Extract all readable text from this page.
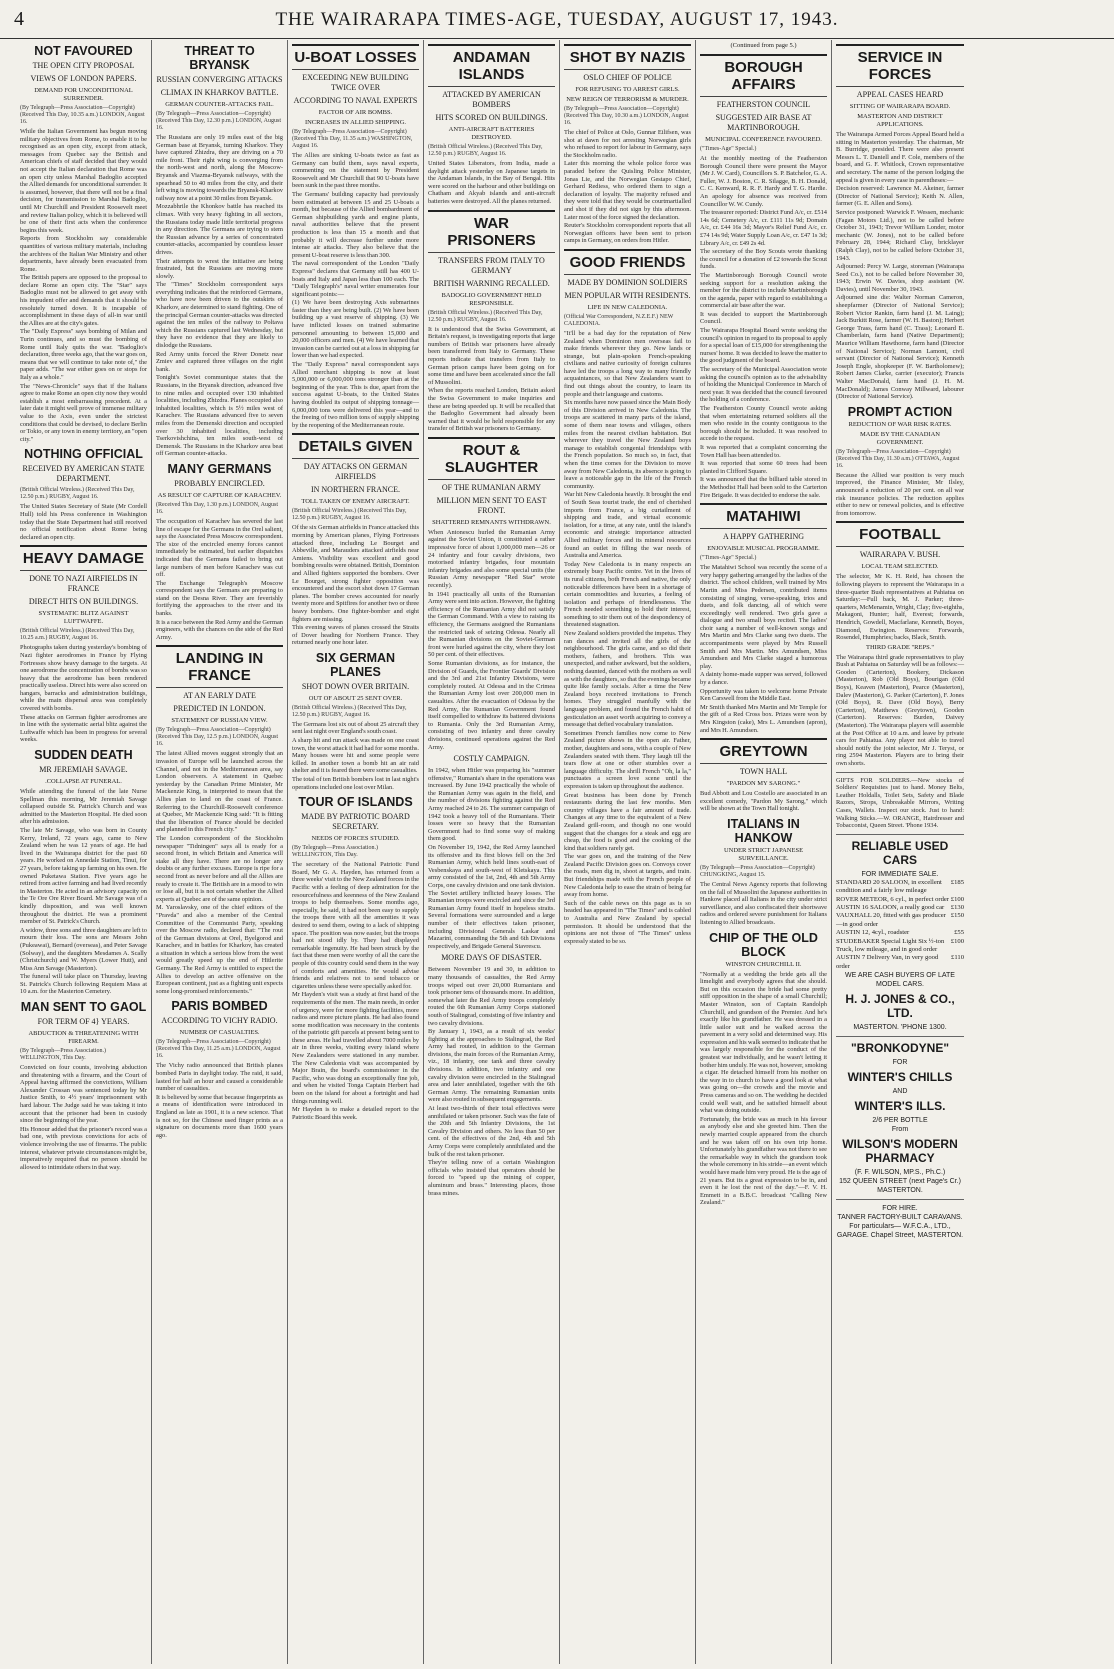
4	THE WAIRARAPA TIMES-AGE, TUESDAY, AUGUST 17, 1943.
NOT FAVOURED
THE OPEN CITY PROPOSAL
VIEWS OF LONDON PAPERS.
DEMAND FOR UNCONDITIONAL SURRENDER.
(By Telegraph—Press Association—Copyright) (Received This Day, 10.35 a.m.) LONDON, August 16.
While the Italian Government has begun moving military objectives from Rome, to enable it to be recognised as an open city, except from attack, messages from Quebec say the British and American chiefs of staff decided that they would not accept the Italian declaration that Rome was an open city unless Marshal Badoglio accepted the Allied demands for unconditional surrender. It is assumed, however, that there will not be a final decision, for transmission to Marshal Badoglio, until Mr Churchill and President Roosevelt meet and review Italian policy, which it is believed will be one of their first acts when the conference begins this week.
Reports from Stockholm say considerable quantities of various military materials, including the archives of the Italian War Ministry and other departments, have already been evacuated from Rome.
The British papers are opposed to the proposal to declare Rome an open city. The "Star" says Badoglio must not be allowed to get away with his impudent offer and demands that it should be resolutely turned down. It is incapable of accomplishment in these days of all-in war until the Allies are at the city's gates.
The "Daily Express" says bombing of Milan and Turin continues, and so must the bombing of Rome until Italy quits the war. "Badoglio's declaration, three weeks ago, that the war goes on, means that we will continue to take note of," the paper adds. "The war either goes on or stops for Italy as a whole."
The "News-Chronicle" says that if the Italians agree to make Rome an open city now they would establish a most embarrassing precedent. At a later date it might well prove of immense military value to the Axis, even under the strictest conditions that could be devised, to declare Berlin or Tokio, or any town in enemy territory, an "open city."
NOTHING OFFICIAL
RECEIVED BY AMERICAN STATE DEPARTMENT.
(British Official Wireless.) (Received This Day, 12.50 p.m.) RUGBY, August 16.
The United States Secretary of State (Mr Cordell Hull) told his Press conference in Washington today that the State Department had still received no official notification about Rome being declared an open city.
HEAVY DAMAGE
DONE TO NAZI AIRFIELDS IN FRANCE
DIRECT HITS ON BUILDINGS.
SYSTEMATIC BLITZ AGAINST LUFTWAFFE.
(British Official Wireless.) (Received This Day, 10.25 a.m.) RUGBY, August 16.
Photographs taken during yesterday's bombing of Nazi fighter aerodromes in France by Flying Fortresses show heavy damage to the targets. At one aerodrome the concentration of bombs was so heavy that the aerodrome has been rendered practically useless. Direct hits were also scored on hangars, barracks and administration buildings, while the main dispersal area was completely covered with bombs.
These attacks on German fighter aerodromes are in line with the systematic aerial blitz against the Luftwaffe which has been in progress for several weeks.
SUDDEN DEATH
MR JEREMIAH SAVAGE.
.COLLAPSE AT FUNERAL.
While attending the funeral of the late Nurse Spellman this morning, Mr Jeremiah Savage collapsed outside St. Patrick's Church and was admitted to the Masterton Hospital. He died soon after his admission.
The late Mr Savage, who was born in County Kerry, Ireland, 72 years ago, came to New Zealand when he was 12 years of age. He had lived in the Wairarapa district for the past 60 years. He worked on Annedale Station, Tinui, for 27 years, before taking up farming on his own. He owned Puketawa Station. Five years ago he retired from active farming and had lived recently in Masterton. He acted in an advisory capacity on the Te Ore Ore River Board. Mr Savage was of a kindly disposition, and was well known throughout the district. He was a prominent member of St. Patrick's Church.
A widow, three sons and three daughters are left to mourn their loss. The sons are Messrs John (Pukeawai), Bernard (overseas), and Peter Savage (Solway), and the daughters Mesdames A. Scally (Christchurch) and W. Myers (Lower Hutt), and Miss Ann Savage (Masterton).
The funeral will take place on Thursday, leaving St. Patrick's Church following Requiem Mass at 10 a.m. for the Masterton Cemetery.
MAN SENT TO GAOL
FOR TERM OF 4} YEARS.
ABDUCTION & THREATENING WITH FIREARM.
(By Telegraph—Press Association.) WELLINGTON, This Day.
Convicted on four counts, involving abduction and threatening with a firearm, and the Court of Appeal having affirmed the convictions, William Alexander Crossan was sentenced today by Mr Justice Smith, to 4½ years' imprisonment with hard labour. The Judge said he was taking it into account that the prisoner had been in custody since the beginning of the year.
His Honour added that the prisoner's record was a bad one, with previous convictions for acts of violence involving the use of firearms. The public interest, whatever private circumstances might be, imperatively required that no person should be allowed to intimidate others in that way.
THREAT TO BRYANSK
RUSSIAN CONVERGING ATTACKS
CLIMAX IN KHARKOV BATTLE.
GERMAN COUNTER-ATTACKS FAIL.
(By Telegraph—Press Association—Copyright) (Received This Day, 12.30 p.m.) LONDON, August 16.
The Russians are only 19 miles east of the big German base at Bryansk, turning Kharkov. They have captured Zhizdra, they are driving on a 70 mile front. Their right wing is converging from the north-west and north, along the Moscow-Bryansk and Viazma-Bryansk railways, with the spearhead 50 to 40 miles from the city, and their left wing is moving towards the Bryansk-Kharkov railway now at a point 30 miles from Bryansk.
Mozzabhrile the Khonkov battle has reached its climax. With very heavy fighting in all sectors, the Russians today made little territorial progress in any direction. The Germans are trying to stem the Russian advance by a series of concentrated counter-attacks, accompanied by countless lesser drives.
Their attempts to wrest the initiative are being frustrated, but the Russians are moving more slowly.
The "Times" Stockholm correspondent says everything indicates that the reinforced Germans, who have now been driven to the outskirts of Kharkov, are determined to stand fighting. One of the principal German counter-attacks was directed against the ten miles of the railway to Poltava which the Russians captured last Wednesday, but they have no evidence that they are likely to dislodge the Russians.
Red Army units forced the River Donetz near Zmiev and captured three villages on the right bank.
Tonight's Soviet communique states that the Russians, in the Bryansk direction, advanced five to nine miles and occupied over 130 inhabited localities, including Zhizdra. Planes occupied also inhabited localities, which is 5½ miles west of Karachev. The Russians advanced five to seven miles from the Demenski direction and occupied over 30 inhabited localities, including Tserkovishchina, ten miles south-west of Demensk. The Russians in the Kharkov area beat off German counter-attacks.
MANY GERMANS
PROBABLY ENCIRCLED.
AS RESULT OF CAPTURE OF KARACHEV.
(Received This Day, 1.30 p.m.) LONDON, August 16.
The occupation of Karachev has severed the last line of escape for the Germans in the Orel salient, says the Associated Press Moscow correspondent. The size of the encircled enemy forces cannot immediately be estimated, but earlier dispatches indicated that the Germans failed to bring out large numbers of men before Karachev was cut off.
The Exchange Telegraph's Moscow correspondent says the Germans are preparing to stand on the Desna River. They are feverishly fortifying the approaches to the river and its banks.
It is a race between the Red Army and the German engineers, with the chances on the side of the Red Army.
LANDING IN FRANCE
AT AN EARLY DATE
PREDICTED IN LONDON.
STATEMENT OF RUSSIAN VIEW.
(By Telegraph—Press Association—Copyright) (Received This Day, 12.5 p.m.) LONDON, August 16.
The latest Allied moves suggest strongly that an invasion of Europe will be launched across the Channel, and not in the Mediterranean area, say London observers. A statement in Quebec yesterday by the Canadian Prime Minister, Mr Mackenzie King, is interpreted to mean that the Allies plan to land on the coast of France. Referring to the Churchill-Roosevelt conference at Quebec, Mr Mackenzie King said: "It is fitting that the liberation of France should be decided and planned in this French city."
The London correspondent of the Stockholm newspaper "Tidningen" says all is ready for a second front, in which Britain and America will stake all they have. There are no longer any doubts or any further excuses. Europe is ripe for a second front as never before and all the Allies are ready to create it. The British are in a mood to win or lose all, but it is not certain whether the Allied experts at Quebec are of the same opinion.
M. Yaroslavsky, one of the chief editors of the "Pravda" and also a member of the Central Committee of the Communist Party, speaking over the Moscow radio, declared that: "The rout of the German divisions at Orel, Byelgorod and Karachev, and in battles for Kharkov, has created a situation in which a serious blow from the west would greatly speed up the end of Hitlerite Germany. The Red Army is entitled to expect the Allies to develop an active offensive on the European continent, just as a fighting unit expects some long-promised reinforcements."
PARIS BOMBED
ACCORDING TO VICHY RADIO.
NUMBER OF CASUALTIES.
(By Telegraph—Press Association—Copyright) (Received This Day, 11.25 a.m.) LONDON, August 16.
The Vichy radio announced that British planes bombed Paris in daylight today. The raid, it said, lasted for half an hour and caused a considerable number of casualties.
It is believed by some that because fingerprints as a means of identification were introduced in England as late as 1901, it is a new science. That is not so, for the Chinese used finger prints as a signature on documents more than 1600 years ago.
U-BOAT LOSSES
EXCEEDING NEW BUILDING TWICE OVER
ACCORDING TO NAVAL EXPERTS
FACTOR OF AIR BOMBS.
INCREASES IN ALLIED SHIPPING.
(By Telegraph—Press Association—Copyright) (Received This Day, 11.35 a.m.) WASHINGTON, August 16.
The Allies are sinking U-boats twice as fast as Germany can build them, says naval experts, commenting on the statement by President Roosevelt and Mr Churchill that 90 U-boats have been sunk in the past three months.
The Germans' building capacity had previously been estimated at between 15 and 25 U-boats a month, but because of the Allied bombardment of German shipbuilding yards and engine plants, naval authorities believe that the present production is less than 15 a month and that probably it will decrease further under more intense air attacks. They also believe that the present U-boat reserve is less than 300.
The naval correspondent of the London "Daily Express" declares that Germany still has 400 U-boats and Italy and Japan less than 100 each. The "Daily Telegraph's" naval writer enumerates four significant points:—
(1) We have been destroying Axis submarines faster than they are being built. (2) We have been building up a vast reserve of shipping. (3) We have inflicted losses on trained submarine personnel amounting to between 15,000 and 20,000 officers and men. (4) We have learned that invasion can be carried out at a loss in shipping far lower than we had expected.
The "Daily Express" naval correspondent says Allied merchant shipping is now at least 5,000,000 or 6,000,000 tons stronger than at the beginning of the year. This is due, apart from the success against U-boats, to the United States having doubled its output of shipping tonnage—6,000,000 tons were delivered this year—and to the freeing of two million tons of supply shipping by the reopening of the Mediterranean route.
DETAILS GIVEN
DAY ATTACKS ON GERMAN AIRFIELDS
IN NORTHERN FRANCE.
TOLL TAKEN OF ENEMY AIRCRAFT.
(British Official Wireless.) (Received This Day, 12.50 p.m.) RUGBY, August 16.
Of the six German airfields in France attacked this morning by American planes, Flying Fortresses attacked three, including Le Bourget and Abbeville, and Marauders attacked airfields near Amiens. Visibility was excellent and good bombing results were obtained. British, Dominion and Allied fighters supported the bombers. Over Le Bourget, strong fighter opposition was encountered and the escort shot down 17 German planes. The bomber crews accounted for nearly twenty more and Spitfires for another two or three heavy bombers. One fighter-bomber and eight fighters are missing.
This evening waves of planes crossed the Straits of Dover heading for Northern France. They returned nearly one hour later.
SIX GERMAN PLANES
SHOT DOWN OVER BRITAIN.
OUT OF ABOUT 25 SENT OVER.
(British Official Wireless.) (Received This Day, 12.50 p.m.) RUGBY, August 16.
The Germans lost six out of about 25 aircraft they sent last night over England's south coast.
A sharp hit and run attack was made on one coast town, the worst attack it had had for some months. Many houses were hit and some people were killed. In another town a bomb hit an air raid shelter and it is feared there were some casualties.
The total of ten British bombers lost in last night's operations included one lost over Milan.
TOUR OF ISLANDS
MADE BY PATRIOTIC BOARD SECRETARY.
NEEDS OF FORCES STUDIED.
(By Telegraph—Press Association.) WELLINGTON, This Day.
The secretary of the National Patriotic Fund Board, Mr G. A. Hayden, has returned from a three weeks' visit to the New Zealand forces in the Pacific with a feeling of deep admiration for the resourcefulness and keenness of the New Zealand troops to help themselves. Some months ago, especially, he said, it had not been easy to supply the troops there with all the amenities it was desired to send them, owing to a lack of shipping space. The position was now easier, but the troops had not stood idly by. They had displayed remarkable ingenuity. He had been struck by the fact that these men were worthy of all the care the people of this country could send them in the way of comforts and amenities. He would advise friends and relatives not to send tobacco or cigarettes unless these were specially asked for.
Mr Hayden's visit was a study at first hand of the requirements of the men. The main needs, in order of urgency, were for more fighting facilities, more radios and more picture plants. He had also found some modification was necessary in the contents of the patriotic gift parcels at present being sent to these areas. He had travelled about 7000 miles by air in three weeks, visiting every island where New Zealanders were stationed in any number. The New Caledonia visit was accompanied by Major Brain, the board's commissioner in the Pacific, who was doing an exceptionally fine job, and when he visited Tonga Captain Herbert had been on the island for about a fortnight and had things running well.
Mr Hayden is to make a detailed report to the Patriotic Board this week.
ANDAMAN ISLANDS
ATTACKED BY AMERICAN BOMBERS
HITS SCORED ON BUILDINGS.
ANTI-AIRCRAFT BATTERIES DESTROYED.
(British Official Wireless.) (Received This Day, 12.50 p.m.) RUGBY, August 16.
United States Liberators, from India, made a daylight attack yesterday on Japanese targets in the Andaman Islands, in the Bay of Bengal. Hits were scored on the harbour and other buildings on Chatham and Akyab islands and anti-aircraft batteries were destroyed. All the planes returned.
WAR PRISONERS
TRANSFERS FROM ITALY TO GERMANY
BRITISH WARNING RECALLED.
BADOGLIO GOVERNMENT HELD RESPONSIBLE.
(British Official Wireless.) (Received This Day, 12.50 p.m.) RUGBY, August 16.
It is understood that the Swiss Government, at Britain's request, is investigating reports that large numbers of British war prisoners have already been transferred from Italy to Germany. These reports indicate that transfers from Italy to German prison camps have been going on for some time and have been accelerated since the fall of Mussolini.
When the reports reached London, Britain asked the Swiss Government to make inquiries and these are being speeded up. It will be recalled that the Badoglio Government had already been warned that it would be held responsible for any transfer of British war prisoners to Germany.
ROUT & SLAUGHTER
OF THE RUMANIAN ARMY
MILLION MEN SENT TO EAST FRONT.
SHATTERED REMNANTS WITHDRAWN.
When Antonescu hurled the Rumanian Army against the Soviet Union, it constituted a rather impressive force of about 1,000,000 men—26 or 24 infantry and four cavalry divisions, two motorised infantry brigades, four mountain infantry brigades and also some special units (the Russian Army newspaper "Red Star" wrote recently).
In 1941 practically all units of the Rumanian Army were sent into action. However, the fighting efficiency of the Rumanian Army did not satisfy the German Command. With a view to raising its efficiency, the Germans assigned the Rumanians the restricted task of seizing Odessa. Nearly all the Rumanian divisions on the Soviet-German front were hurled against the city, where they lost 50 per cent. of their effectives.
Some Rumanian divisions, as for instance, the Division of Guards, the Frontier Guards' Division and the 3rd and 21st Infantry Divisions, were completely routed. At Odessa and in the Crimea the Rumanian Army lost over 200,000 men in casualties. After the evacuation of Odessa by the Red Army, the Rumanian Government found itself compelled to withdraw its battered divisions to Rumania. Only the 3rd Rumanian Army, consisting of two infantry and three cavalry divisions, continued operations against the Red Army.
COSTLY CAMPAIGN.
In 1942, when Hitler was preparing his "summer offensive," Rumania's share in the operations was increased. By June 1942 practically the whole of the Rumanian Army was again in the field, and the number of divisions fighting against the Red Army reached 24 to 26. The summer campaign of 1942 took a heavy toll of the Rumanians. Their losses were so heavy that the Rumanian Government had to find some way of making them good.
On November 19, 1942, the Red Army launched its offensive and its first blows fell on the 3rd Rumanian Army, which held lines south-east of Vesbenskaya and south-west of Kletskaya. This army consisted of the 1st, 2nd, 4th and 5th Army Corps, one cavalry division and one tank division. The Soviet artillery inflicted heavy losses. The Rumanian troops were encircled and since the 3rd Rumanian Army found itself in hopeless straits. Several formations were surrounded and a large number of their effectives taken prisoner, including Divisional Generals Laskar and Mazarini, commanding the 5th and 6th Divisions respectively, and Brigade General Stavrescu.
MORE DAYS OF DISASTER.
Between November 19 and 30, in addition to many thousands of casualties, the Red Army troops wiped out over 20,000 Rumanians and took prisoner tens of thousands more. In addition, somewhat later the Red Army troops completely routed the 6th Rumanian Army Corps stationed south of Stalingrad, consisting of five infantry and two cavalry divisions.
By January 1, 1943, as a result of six weeks' fighting at the approaches to Stalingrad, the Red Army had routed, in addition to the German divisions, the main forces of the Rumanian Army, viz., 18 infantry, one tank and three cavalry divisions. In addition, two infantry and one cavalry division were encircled in the Stalingrad area and later annihilated, together with the 6th German Army. The remaining Rumanian units were also routed in subsequent engagements.
At least two-thirds of their total effectives were annihilated or taken prisoner. Such was the fate of the 20th and 5th Infantry Divisions, the 1st Cavalry Division and others. No less than 50 per cent. of the effectives of the 2nd, 4th and 5th Army Corps were completely annihilated and the bulk of the rest taken prisoner.
They're telling now of a certain Washington officials who insisted that operators should be forced to "speed up the mining of copper, aluminum and brass." Interesting places, those brass mines.
SHOT BY NAZIS
OSLO CHIEF OF POLICE
FOR REFUSING TO ARREST GIRLS.
NEW REIGN OF TERRORISM & MURDER.
(By Telegraph—Press Association—Copyright) (Received This Day, 10.30 a.m.) LONDON, August 16.
The chief of Police at Oslo, Gunnar Eilifsen, was shot at dawn for not arresting Norwegian girls who refused to report for labour in Germany, says the Stockholm radio.
Later this morning the whole police force was paraded before the Quisling Police Minister, Jonas Lie, and the Norwegian Gestapo Chief, Gerhard Rediess, who ordered them to sign a declaration of loyalty. The majority refused and they were told that they would be courtmartialled and shot if they did not sign by this afternoon. Later most of the force signed the declaration.
Reuter's Stockholm correspondent reports that all Norwegian officers have been sent to prison camps in Germany, on orders from Hitler.
GOOD FRIENDS
MADE BY DOMINION SOLDIERS
MEN POPULAR WITH RESIDENTS.
LIFE IN NEW CALEDONIA.
(Official War Correspondent, N.Z.E.F.) NEW CALEDONIA.
"It'll be a bad day for the reputation of New Zealand when Dominion men overseas fail to make friends wherever they go. New lands or strange, but plain-spoken French-speaking civilians and native curiosity of foreign cultures have led the troops a long way to many friendly acquaintances, so that New Zealanders want to find out things about the country, to learn its people and their language and customs.
Six months have now passed since the Main Body of this Division arrived in New Caledonia. The troops are scattered in many parts of the island, some of them near towns and villages, others miles from the nearest civilian habitation. But wherever they travel the New Zealand boys manage to establish congenial friendships with the French population. So much so, in fact, that when the time comes for the Division to move away from New Caledonia, its absence is going to leave a noticeable gap in the life of the French community.
War hit New Caledonia heavily. It brought the end of South Seas tourist trade, the end of cherished imports from France, a big curtailment of shipping and trade, and virtual economic isolation, for a time, at any rate, until the island's economic and strategic importance attracted Allied military forces and its mineral resources found an outlet in filling the war needs of Australia and America.
Today New Caledonia is in many respects an extremely busy Pacific centre. Yet in the lives of its rural citizens, both French and native, the only noticeable differences have been in a shortage of certain commodities and luxuries, a feeling of isolation and perhaps of friendlessness. The French needed something to hold their interest, something to stir them out of the despondency of threatened stagnation.
New Zealand soldiers provided the impetus. They ran dances and invited all the girls of the neighbourhood. The girls came, and so did their mothers, fathers, and brothers. This was unexpected, and rather awkward, but the soldiers, nothing daunted, danced with the mothers as well as with the daughters, so that the evenings became quite like family socials. After a time the New Zealand boys received invitations to French homes. They struggled manfully with the language problem, and found the French habit of gesticulation an asset worth acquiring to convey a message that defied vocabulary translation.
Sometimes French families now come to New Zealand picture shows in the open air. Father, mother, daughters and sons, with a couple of New Zealanders seated with them. They laugh till the tears flow at one or other stumbles over a language difficulty. The shrill French "Oh, la la," punctuates a screen love scene until the expression is taken up throughout the audience.
Great business has been done by French restaurants during the last few months. Men country villages have a fair amount of trade. Changes at any time to the equivalent of a New Zealand grill-room, and though no one would suggest that the changes for a steak and egg are cheap, the food is good and the cooking of the kind that soldiers rarely get.
The war goes on, and the training of the New Zealand Pacific Division goes on. Convoys cover the roads, men dig in, shoot at targets, and train. But friendships made with the French people of New Caledonia help to ease the strain of being far away from home.
Such of the cable news on this page as is so headed has appeared in "The Times" and is cabled to Australia and New Zealand by special permission. It should be understood that the opinions are not those of "The Times" unless expressly stated to be so.
(Continued from page 5.)
BOROUGH AFFAIRS
FEATHERSTON COUNCIL
SUGGESTED AIR BASE AT MARTINBOROUGH.
MUNICIPAL CONFERENCE FAVOURED.
("Times-Age" Special.)
At the monthly meeting of the Featherston Borough Council there were present the Mayor (Mr J. W. Card), Councillors S. P. Batchelor, G. A. Fuller, W. J. Boston, C. R. Silagge, B. H. Donald, C. C. Kenward, R. R. F. Hardy and T. G. Hardie. An apology for absence was received from Councillor W. W. Cundy.
The treasurer reported: District Fund A/c, cr. £514 14s 6d; Cemetery A/c, cr. £111 11s 9d; Domain A/c, cr. £44 16s 3d; Mayor's Relief Fund A/c, cr. £74 14s 9d; Water Supply Loan A/c, cr. £47 1s 3d; Library A/c, cr. £49 2s 4d.
The secretary of the Boy Scouts wrote thanking the council for a donation of £2 towards the Scout funds.
The Martinborough Borough Council wrote seeking support for a resolution asking the member for the district to include Martinborough on the agenda, paper with regard to establishing a commercial air base after the war.
It was decided to support the Martinborough Council.
The Wairarapa Hospital Board wrote seeking the council's opinion in regard to its proposal to apply for a special loan of £15,000 for strengthening the nurses' home. It was decided to leave the matter to the good judgment of the board.
The secretary of the Municipal Association wrote asking the council's opinion as to the advisability of holding the Municipal Conference in March of next year. It was decided that the council favoured the holding of a conference.
The Featherston County Council wrote asking that when entertaining returned soldiers all the men who reside in the county contiguous to the borough should be included. It was resolved to accede to the request.
It was reported that a complaint concerning the Town Hall has been attended to.
It was reported that some 60 trees had been planted in Clifford Square.
It was announced that the billiard table stored in the Methodist Hall had been sold to the Carterton Fire Brigade. It was decided to endorse the sale.
MATAHIWI
A HAPPY GATHERING
ENJOYABLE MUSICAL PROGRAMME.
("Times-Age" Special.)
The Matahiwi School was recently the scene of a very happy gathering arranged by the ladies of the district. The school children, well trained by Mrs Martin and Miss Pedersen, contributed items consisting of singing, verse-speaking, trios and duets, and folk dancing, all of which were exceedingly well rendered. Two girls gave a dialogue and two small boys recited. The ladies' choir sang a number of well-known songs and Mrs Martin and Mrs Clarke sang two duets. The accompaniments were played by Mrs Russell Smith and Mrs Martin. Mrs Amundsen, Miss Amundsen and Mrs Clarke staged a humorous play.
A dainty home-made supper was served, followed by a dance.
Opportunity was taken to welcome home Private Ken Carswell from the Middle East.
Mr Smith thanked Mrs Martin and Mr Temple for the gift of a Red Cross box. Prizes were won by Mrs Kingston (cake), Mrs L. Amundsen (apron), and Mrs H. Amundsen.
GREYTOWN
TOWN HALL
"PARDON MY SARONG."
Bud Abbott and Lou Costello are associated in an excellent comedy, "Pardon My Sarong," which will be shown at the Town Hall tonight.
ITALIANS IN HANKOW
UNDER STRICT JAPANESE SURVEILLANCE.
(By Telegraph—Press Association—Copyright) CHUNGKING, August 15.
The Central News Agency reports that following on the fall of Mussolini the Japanese authorities in Hankow placed all Italians in the city under strict surveillance, and also confiscated their shortwave radios and ordered severe punishment for Italians listening to Allied broadcasts.
CHIP OF THE OLD BLOCK
WINSTON CHURCHILL II.
"Normally at a wedding the bride gets all the limelight and everybody agrees that she should. But on this occasion the bride had some pretty stiff opposition in the shape of a small Churchill; Master Winston, son of Captain Randolph Churchill, and grandson of the Premier. And he's exactly like his grandfather. He was dressed in a little sailor suit and he walked across the pavement in a very solid and determined way. His expression and his walk seemed to indicate that he was largely responsible for the conduct of the greatest war individually, and he wasn't letting it bother him unduly. He was not, however, smoking a cigar. He detached himself from his mother on the way in to church to have a good look at what was going on—the crowds and the movie and Press cameras and so on. The wedding he decided could well wait, and he satisfied himself about what was doing outside.
Fortunately, the bride was as much in his favour as anybody else and she greeted him. Then the newly married couple appeared from the church and he was taken off on his own trip home. Unfortunately his grandfather was not there to see the remarkable way in which the grandson took the whole ceremony in his stride—an event which would have made him very proud. He is the age of 21 years. But its a great expression to be in, and even it he lost the rest of the day."—F. V. H. Emmett in a B.B.C. broadcast "Calling New Zealand."
SERVICE IN FORCES
APPEAL CASES HEARD
SITTING OF WAIRARAPA BOARD.
MASTERTON AND DISTRICT APPLICATIONS.
The Wairarapa Armed Forces Appeal Board held a sitting in Masterton yesterday. The chairman, Mr B. Burridge, presided. There were also present Messrs L. T. Daniell and F. Cole, members of the board, and G. F. Whitlock, Crown representative and secretary. The name of the person lodging the appeal is given in every case in parentheses:—
Decision reserved: Lawrence M. Akeiner, farmer (Director of National Service); Keith N. Allen, farmer (G. E. Allen and Sons).
Service postponed: Warwick F. Wessen, mechanic (Fagan Motors Ltd.), not to be called before October 31, 1943; Trevor William Londer, motor mechanic (W. Jones), not to be called before February 28, 1944; Richard Clay, bricklayer (Ralph Clay), not to be called before October 31, 1943.
Adjourned: Percy W. Large, storeman (Wairarapa Seed Co.), not to be called before November 30, 1943; Erwin W. Davies, shop assistant (W. Davies), until November 30, 1943.
Adjourned sine die: Walter Norman Cameron, sheepfarmer (Director of National Service); Robert Victor Rankin, farm hand (J. M. Laing); Jack Burkitt Rose, farmer (W. H. Baston); Herbert George Trass, farm hand (C. Trass); Leonard E. Chamberlain, farm hand (Native Department); Maurice William Hawthorne, farm hand (Director of National Service); Norman Lamont, civil servant (Director of National Service); Kenneth Joseph Engle, shopkeeper (F. W. Bartholomew); Robert James Clarke, carrier (executor); Francis Walter MacDonald, farm hand (J. H. M. MacDonald); James Conway Millward, labourer (Director of National Service).
PROMPT ACTION
REDUCTION OF WAR RISK RATES.
MADE BY THE CANADIAN GOVERNMENT.
(By Telegraph—Press Association—Copyright) (Received This Day, 11.30 a.m.) OTTAWA, August 16.
Because the Allied war position is very much improved, the Finance Minister, Mr Ilsley, announced a reduction of 20 per cent. on all war risk insurance policies. The reduction applies either to new or renewal policies, and is effective from tomorrow.
FOOTBALL
WAIRARAPA V. BUSH.
LOCAL TEAM SELECTED.
The selector, Mr K. H. Reid, has chosen the following players to represent the Wairarapa in a three-quarter Bush representatives at Pahiatua on Saturday:—Full back, M. J. Parker; three-quarters, McMenamin, Wright, Clay; five-eighths, Makagoni, Hunter; half, Everest; forwards, Hendrich, Gowdell, Macfarlane, Kenneth, Boyes, Diamond, Ewington. Reserves: Forwards, Rosendel, Humphries; backs, Black, Smith.
THIRD GRADE "REPS."
The Wairarapa third grade representatives to play Bush at Pahiatua on Saturday will be as follows:—Gooden (Carterton), Bookery, Dickason (Masterton), Rob (Old Boys), Bourigan (Old Boys), Keaven (Masterton), Pearce (Masterton), Dalev (Masterton), G. Parker (Carterton), F. Jones (Old Boys), R. Dave (Old Boys), Berry (Carterton), Matthews (Greytown), Gooden (Carterton). Reserves: Burden, Daivey (Masterton). The Wairarapa players will assemble at the Post Office at 10 a.m. and leave by private cars for Pahiatua. Any player not able to travel should notify the joint selector, Mr J. Teryst, or ring 2594 Masterton. Players are to bring their own shorts.
GIFTS FOR SOLDIERS.—New stocks of Soldiers' Requisites just to hand. Money Belts, Leather Holdalls, Toilet Sets, Safety and Blade Razors, Strops, Unbreakable Mirrors, Writing Cases, Wallets. Inspect our stock. Just to hand: Walking Sticks.—W. ORANGE, Hairdresser and Tobacconist, Queen Street. 'Phone 1934.
RELIABLE USED CARS
FOR IMMEDIATE SALE.
STANDARD 20 SALOON, in excellent condition and a fairly low mileage
£185
ROVER METEOR, 6 cyl., in perfect order £100
AUSTIN 16 SALOON, a really good car £130
VAUXHALL 20, fitted with gas producer—in good order
£150
AUSTIN 12, 4cyl., roadster	£55
STUDEBAKER Special Light Six ½-ton Truck, low mileage, and in good order
£100
AUSTIN 7 Delivery Van, in very good order
£110
WE ARE CASH BUYERS OF LATE MODEL CARS.
H. J. JONES & CO., LTD.
MASTERTON. 'PHONE 1300.
"BRONKODYNE"
FOR
WINTER'S CHILLS
AND
WINTER'S ILLS.
2/6 PER BOTTLE
From
WILSON'S MODERN PHARMACY
(F. F. WILSON, MP.S., Ph.C.)
152 QUEEN STREET (next Page's Cr.)
MASTERTON.
FOR HIRE.
TANNER FACTORY-BUILT CARAVANS.
For particulars— W.F.C.A., LTD., GARAGE. Chapel Street, MASTERTON.
